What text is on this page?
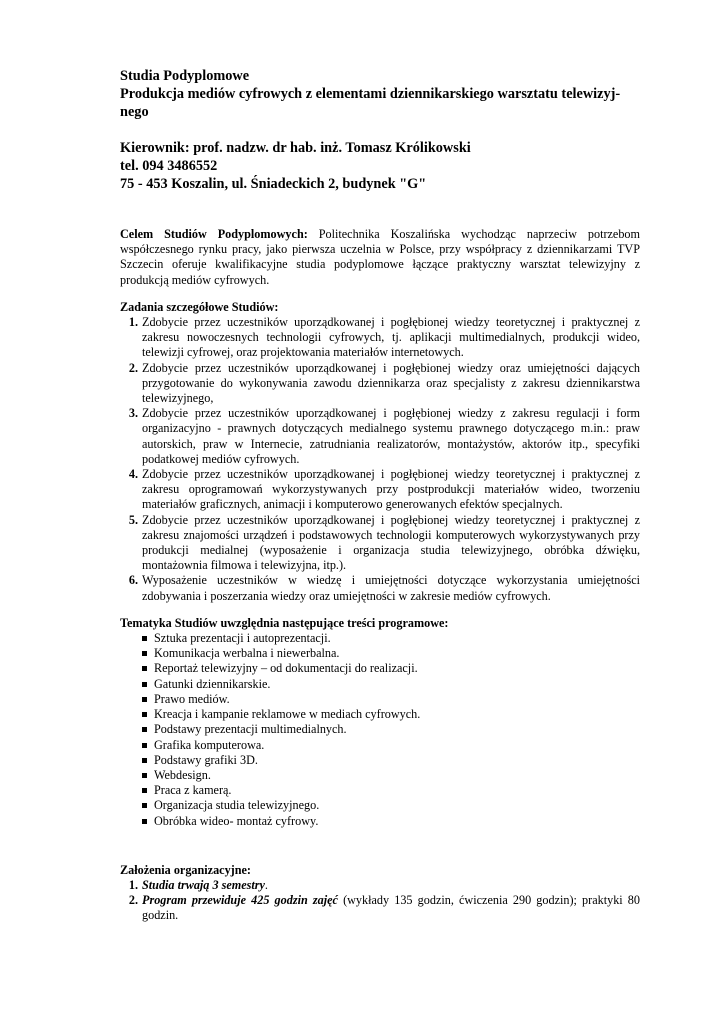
Studia Podyplomowe
Produkcja mediów cyfrowych z elementami dziennikarskiego warsztatu telewizyj-
nego
Kierownik: prof. nadzw. dr hab. inż. Tomasz Królikowski
tel. 094 3486552
75 - 453 Koszalin, ul. Śniadeckich 2, budynek "G"
Celem Studiów Podyplomowych: Politechnika Koszalińska wychodząc naprzeciw potrzebom współczesnego rynku pracy, jako pierwsza uczelnia w Polsce, przy współpracy z dziennikarzami TVP Szczecin oferuje kwalifikacyjne studia podyplomowe łączące praktyczny warsztat telewizyjny z produkcją mediów cyfrowych.
Zadania szczegółowe Studiów:
1. Zdobycie przez uczestników uporządkowanej i pogłębionej wiedzy teoretycznej i praktycznej z zakresu nowoczesnych technologii cyfrowych, tj. aplikacji multimedialnych, produkcji wideo, telewizji cyfrowej, oraz projektowania materiałów internetowych.
2. Zdobycie przez uczestników uporządkowanej i pogłębionej wiedzy oraz umiejętności dających przygotowanie do wykonywania zawodu dziennikarza oraz specjalisty z zakresu dziennikarstwa telewizyjnego,
3. Zdobycie przez uczestników uporządkowanej i pogłębionej wiedzy z zakresu regulacji i form organizacyjno - prawnych dotyczących medialnego systemu prawnego dotyczącego m.in.: praw autorskich, praw w Internecie, zatrudniania realizatorów, montażystów, aktorów itp., specyfiki podatkowej mediów cyfrowych.
4. Zdobycie przez uczestników uporządkowanej i pogłębionej wiedzy teoretycznej i praktycznej z zakresu oprogramowań wykorzystywanych przy postprodukcji materiałów wideo, tworzeniu materiałów graficznych, animacji i komputerowo generowanych efektów specjalnych.
5. Zdobycie przez uczestników uporządkowanej i pogłębionej wiedzy teoretycznej i praktycznej z zakresu znajomości urządzeń i podstawowych technologii komputerowych wykorzystywanych przy produkcji medialnej (wyposażenie i organizacja studia telewizyjnego, obróbka dźwięku, montażownia filmowa i telewizyjna, itp.).
6. Wyposażenie uczestników w wiedzę i umiejętności dotyczące wykorzystania umiejętności zdobywania i poszerzania wiedzy oraz umiejętności w zakresie mediów cyfrowych.
Tematyka Studiów uwzględnia następujące treści programowe:
Sztuka prezentacji i autoprezentacji.
Komunikacja werbalna i niewerbalna.
Reportaż telewizyjny – od dokumentacji do realizacji.
Gatunki dziennikarskie.
Prawo mediów.
Kreacja i kampanie reklamowe w mediach cyfrowych.
Podstawy prezentacji multimedialnych.
Grafika komputerowa.
Podstawy grafiki 3D.
Webdesign.
Praca z kamerą.
Organizacja studia telewizyjnego.
Obróbka wideo- montaż cyfrowy.
Założenia organizacyjne:
1. Studia trwają 3 semestry.
2. Program przewiduje 425 godzin zajęć (wykłady 135 godzin, ćwiczenia 290 godzin); praktyki 80 godzin.
